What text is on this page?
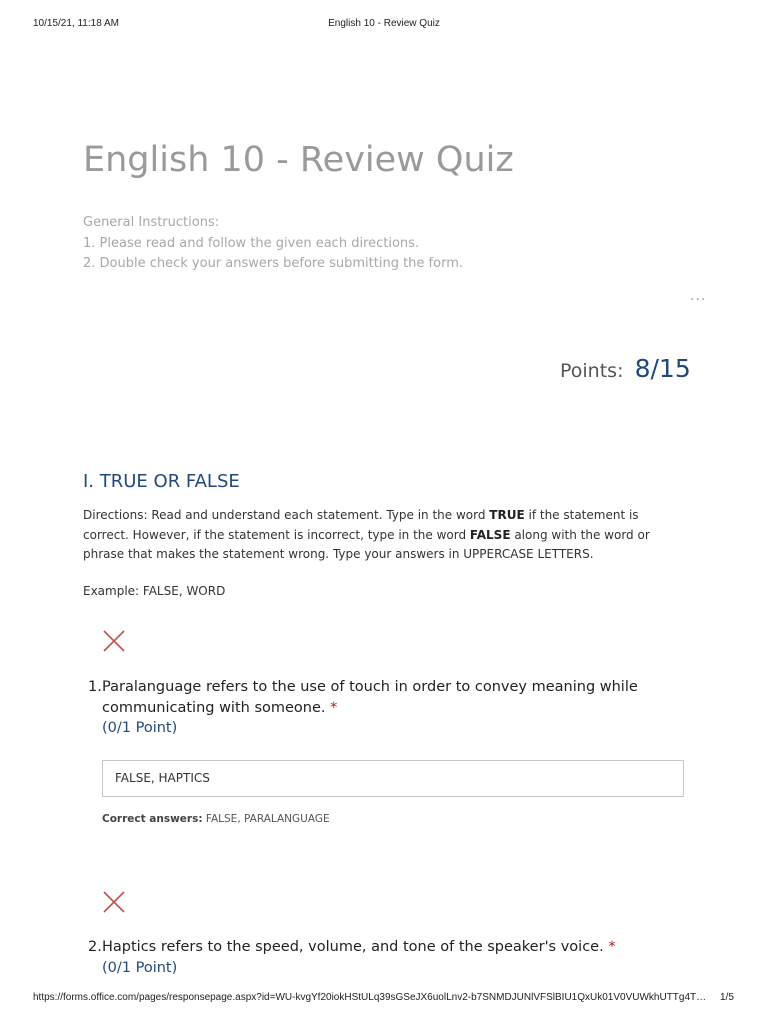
10/15/21, 11:18 AM	English 10 - Review Quiz
English 10 - Review Quiz
General Instructions:
1. Please read and follow the given each directions.
2. Double check your answers before submitting the form.
···
Points: 8/15
I. TRUE OR FALSE
Directions: Read and understand each statement. Type in the word TRUE if the statement is correct. However, if the statement is incorrect, type in the word FALSE along with the word or phrase that makes the statement wrong. Type your answers in UPPERCASE LETTERS.
Example: FALSE, WORD
1. Paralanguage refers to the use of touch in order to convey meaning while communicating with someone. *
(0/1 Point)
FALSE, HAPTICS
Correct answers: FALSE, PARALANGUAGE
2. Haptics refers to the speed, volume, and tone of the speaker's voice. *
(0/1 Point)
https://forms.office.com/pages/responsepage.aspx?id=WU-kvgYf20iokHStULq39sGSeJX6uolLnv2-b7SNMDJUNlVFSlBIU1QxUk01V0VUWkhUTTg4T…	1/5
